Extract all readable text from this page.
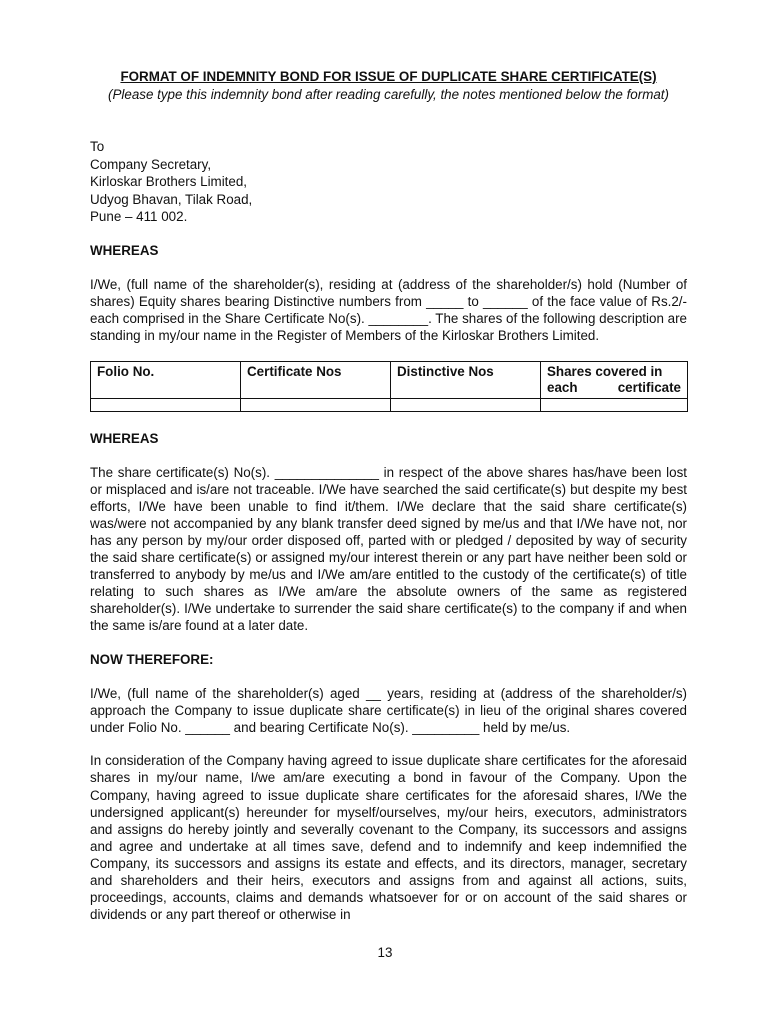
FORMAT OF INDEMNITY BOND FOR ISSUE OF DUPLICATE SHARE CERTIFICATE(S)

(Please type this indemnity bond after reading carefully, the notes mentioned below the format)

To
Company Secretary,
Kirloskar Brothers Limited,
Udyog Bhavan, Tilak Road,
Pune – 411 002.

WHEREAS

I/We, (full name of the shareholder(s), residing at (address of the shareholder/s) hold (Number of shares) Equity shares bearing Distinctive numbers from _____ to ______ of the face value of Rs.2/- each comprised in the Share Certificate No(s). ________. The shares of the following description are standing in my/our name in the Register of Members of the Kirloskar Brothers Limited.

Folio No.	Certificate Nos	Distinctive Nos	Shares covered in each certificate

WHEREAS

The share certificate(s) No(s). ______________ in respect of the above shares has/have been lost or misplaced and is/are not traceable. I/We have searched the said certificate(s) but despite my best efforts, I/We have been unable to find it/them. I/We declare that the said share certificate(s) was/were not accompanied by any blank transfer deed signed by me/us and that I/We have not, nor has any person by my/our order disposed off, parted with or pledged / deposited by way of security the said share certificate(s) or assigned my/our interest therein or any part have neither been sold or transferred to anybody by me/us and I/We am/are entitled to the custody of the certificate(s) of title relating to such shares as I/We am/are the absolute owners of the same as registered shareholder(s). I/We undertake to surrender the said share certificate(s) to the company if and when the same is/are found at a later date.

NOW THEREFORE:

I/We, (full name of the shareholder(s) aged __ years, residing at (address of the shareholder/s) approach the Company to issue duplicate share certificate(s) in lieu of the original shares covered under Folio No. ______ and bearing Certificate No(s). _________ held by me/us.

In consideration of the Company having agreed to issue duplicate share certificates for the aforesaid shares in my/our name, I/we am/are executing a bond in favour of the Company. Upon the Company, having agreed to issue duplicate share certificates for the aforesaid shares, I/We the undersigned applicant(s) hereunder for myself/ourselves, my/our heirs, executors, administrators and assigns do hereby jointly and severally covenant to the Company, its successors and assigns and agree and undertake at all times save, defend and to indemnify and keep indemnified the Company, its successors and assigns its estate and effects, and its directors, manager, secretary and shareholders and their heirs, executors and assigns from and against all actions, suits, proceedings, accounts, claims and demands whatsoever for or on account of the said shares or dividends or any part thereof or otherwise in

13
